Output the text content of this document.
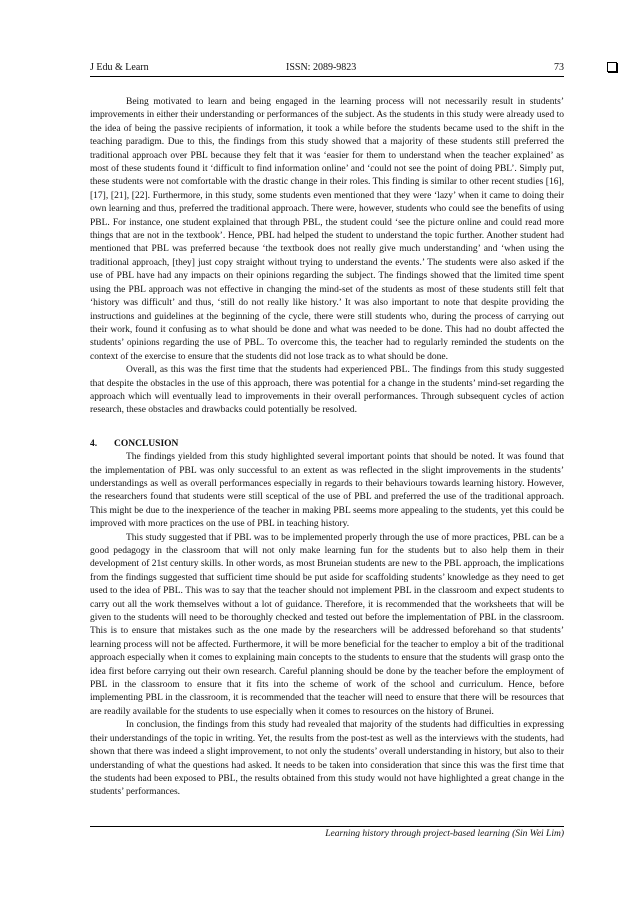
J Edu & Learn	ISSN: 2089-9823	73

Being motivated to learn and being engaged in the learning process will not necessarily result in students’ improvements in either their understanding or performances of the subject. As the students in this study were already used to the idea of being the passive recipients of information, it took a while before the students became used to the shift in the teaching paradigm. Due to this, the findings from this study showed that a majority of these students still preferred the traditional approach over PBL because they felt that it was ‘easier for them to understand when the teacher explained’ as most of these students found it ‘difficult to find information online’ and ‘could not see the point of doing PBL’. Simply put, these students were not comfortable with the drastic change in their roles. This finding is similar to other recent studies [16], [17], [21], [22]. Furthermore, in this study, some students even mentioned that they were ‘lazy’ when it came to doing their own learning and thus, preferred the traditional approach. There were, however, students who could see the benefits of using PBL. For instance, one student explained that through PBL, the student could ‘see the picture online and could read more things that are not in the textbook’. Hence, PBL had helped the student to understand the topic further. Another student had mentioned that PBL was preferred because ‘the textbook does not really give much understanding’ and ‘when using the traditional approach, [they] just copy straight without trying to understand the events.’ The students were also asked if the use of PBL have had any impacts on their opinions regarding the subject. The findings showed that the limited time spent using the PBL approach was not effective in changing the mind-set of the students as most of these students still felt that ‘history was difficult’ and thus, ‘still do not really like history.’ It was also important to note that despite providing the instructions and guidelines at the beginning of the cycle, there were still students who, during the process of carrying out their work, found it confusing as to what should be done and what was needed to be done. This had no doubt affected the students’ opinions regarding the use of PBL. To overcome this, the teacher had to regularly reminded the students on the context of the exercise to ensure that the students did not lose track as to what should be done.

Overall, as this was the first time that the students had experienced PBL. The findings from this study suggested that despite the obstacles in the use of this approach, there was potential for a change in the students’ mind-set regarding the approach which will eventually lead to improvements in their overall performances. Through subsequent cycles of action research, these obstacles and drawbacks could potentially be resolved.

4. CONCLUSION

The findings yielded from this study highlighted several important points that should be noted. It was found that the implementation of PBL was only successful to an extent as was reflected in the slight improvements in the students’ understandings as well as overall performances especially in regards to their behaviours towards learning history. However, the researchers found that students were still sceptical of the use of PBL and preferred the use of the traditional approach. This might be due to the inexperience of the teacher in making PBL seems more appealing to the students, yet this could be improved with more practices on the use of PBL in teaching history.

This study suggested that if PBL was to be implemented properly through the use of more practices, PBL can be a good pedagogy in the classroom that will not only make learning fun for the students but to also help them in their development of 21st century skills. In other words, as most Bruneian students are new to the PBL approach, the implications from the findings suggested that sufficient time should be put aside for scaffolding students’ knowledge as they need to get used to the idea of PBL. This was to say that the teacher should not implement PBL in the classroom and expect students to carry out all the work themselves without a lot of guidance. Therefore, it is recommended that the worksheets that will be given to the students will need to be thoroughly checked and tested out before the implementation of PBL in the classroom. This is to ensure that mistakes such as the one made by the researchers will be addressed beforehand so that students’ learning process will not be affected. Furthermore, it will be more beneficial for the teacher to employ a bit of the traditional approach especially when it comes to explaining main concepts to the students to ensure that the students will grasp onto the idea first before carrying out their own research. Careful planning should be done by the teacher before the employment of PBL in the classroom to ensure that it fits into the scheme of work of the school and curriculum. Hence, before implementing PBL in the classroom, it is recommended that the teacher will need to ensure that there will be resources that are readily available for the students to use especially when it comes to resources on the history of Brunei.

In conclusion, the findings from this study had revealed that majority of the students had difficulties in expressing their understandings of the topic in writing. Yet, the results from the post-test as well as the interviews with the students, had shown that there was indeed a slight improvement, to not only the students’ overall understanding in history, but also to their understanding of what the questions had asked. It needs to be taken into consideration that since this was the first time that the students had been exposed to PBL, the results obtained from this study would not have highlighted a great change in the students’ performances.

Learning history through project-based learning (Sin Wei Lim)
